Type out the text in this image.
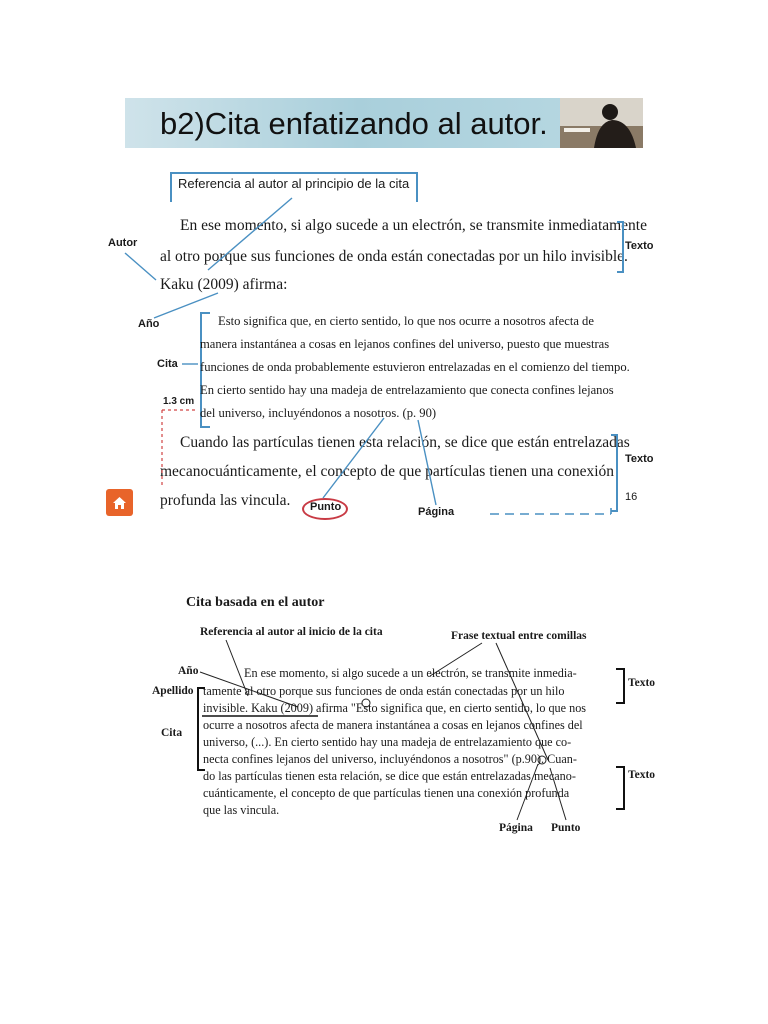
b2)Cita enfatizando al autor.
Referencia al autor al principio de la cita
En ese momento, si algo sucede a un electrón, se transmite inmediatamente
al otro porque sus funciones de onda están conectadas por un hilo invisible.
Kaku (2009) afirma:
Texto
Autor
Año
Cita
1.3 cm
Esto significa que, en cierto sentido, lo que nos ocurre a nosotros afecta de
manera instantánea a cosas en lejanos confines del universo, puesto que muestras
funciones de onda probablemente estuvieron entrelazadas en el comienzo del tiempo.
En cierto sentido hay una madeja de entrelazamiento que conecta confines lejanos
del universo, incluyéndonos a nosotros. (p. 90)
Cuando las partículas tienen esta relación, se dice que están entrelazadas
mecanocuánticamente, el concepto de que partículas tienen una conexión
profunda las vincula.
Texto
Punto	Página
16
Cita basada en el autor
Referencia al autor al inicio de la cita	Frase textual entre comillas
Año
Apellido
Cita
Texto
Texto
En ese momento, si algo sucede a un electrón, se transmite inmedia-
tamente al otro porque sus funciones de onda están conectadas por un hilo
invisible. Kaku (2009) afirma "Esto significa que, en cierto sentido, lo que nos
ocurre a nosotros afecta de manera instantánea a cosas en lejanos confines del
universo, (...). En cierto sentido hay una madeja de entrelazamiento que co-
necta confines lejanos del universo, incluyéndonos a nosotros" (p.90). Cuan-
do las partículas tienen esta relación, se dice que están entrelazadas mecano-
cuánticamente, el concepto de que partículas tienen una conexión profunda
que las vincula.
Página Punto
